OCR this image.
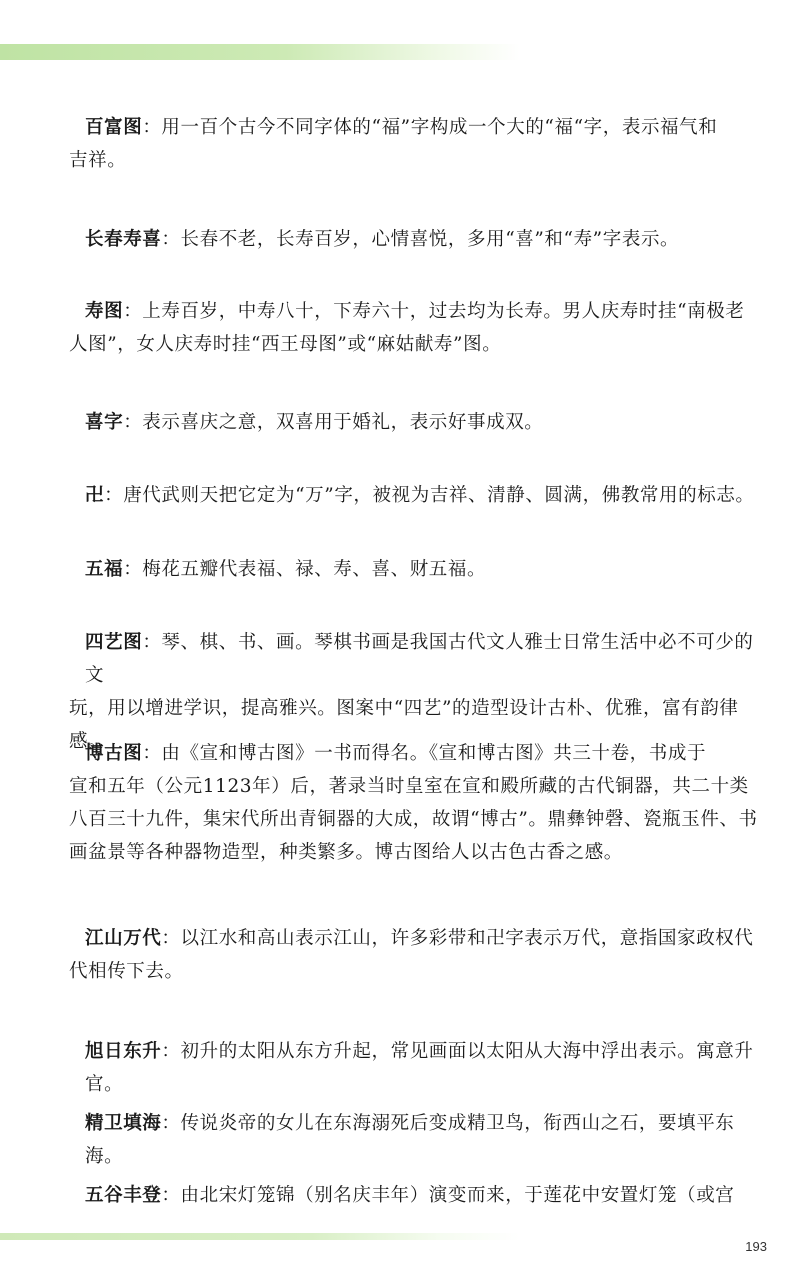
百富图：用一百个古今不同字体的“福”字构成一个大的“福“字，表示福气和
吉祥。
长春寿喜：长春不老，长寿百岁，心情喜悦，多用“喜”和“寿”字表示。
寿图：上寿百岁，中寿八十，下寿六十，过去均为长寿。男人庆寿时挂“南极老
人图”，女人庆寿时挂“西王母图”或“麻姑献寿”图。
喜字：表示喜庆之意，双喜用于婚礼，表示好事成双。
卍：唐代武则天把它定为“万”字，被视为吉祥、清静、圆满，佛教常用的标志。
五福：梅花五瓣代表福、禄、寿、喜、财五福。
四艺图：琴、棋、书、画。琴棋书画是我国古代文人雅士日常生活中必不可少的文
玩，用以增进学识，提高雅兴。图案中“四艺”的造型设计古朴、优雅，富有韵律感。
博古图：由《宣和博古图》一书而得名。《宣和博古图》共三十卷，书成于
宣和五年（公元1123年）后，著录当时皇室在宣和殿所藏的古代铜器，共二十类八百三十九件，集宋代所出青铜器的大成，故谓“博古”。鼎彝钟磬、瓷瓶玉件、书画盆景等各种器物造型，种类繁多。博古图给人以古色古香之感。
江山万代：以江水和高山表示江山，许多彩带和卍字表示万代，意指国家政权代
代相传下去。
旭日东升：初升的太阳从东方升起，常见画面以太阳从大海中浮出表示。寓意升官。
精卫填海：传说炎帝的女儿在东海溺死后变成精卫鸟，衔西山之石，要填平东海。
五谷丰登：由北宋灯笼锦（别名庆丰年）演变而来，于莲花中安置灯笼（或宫
193
